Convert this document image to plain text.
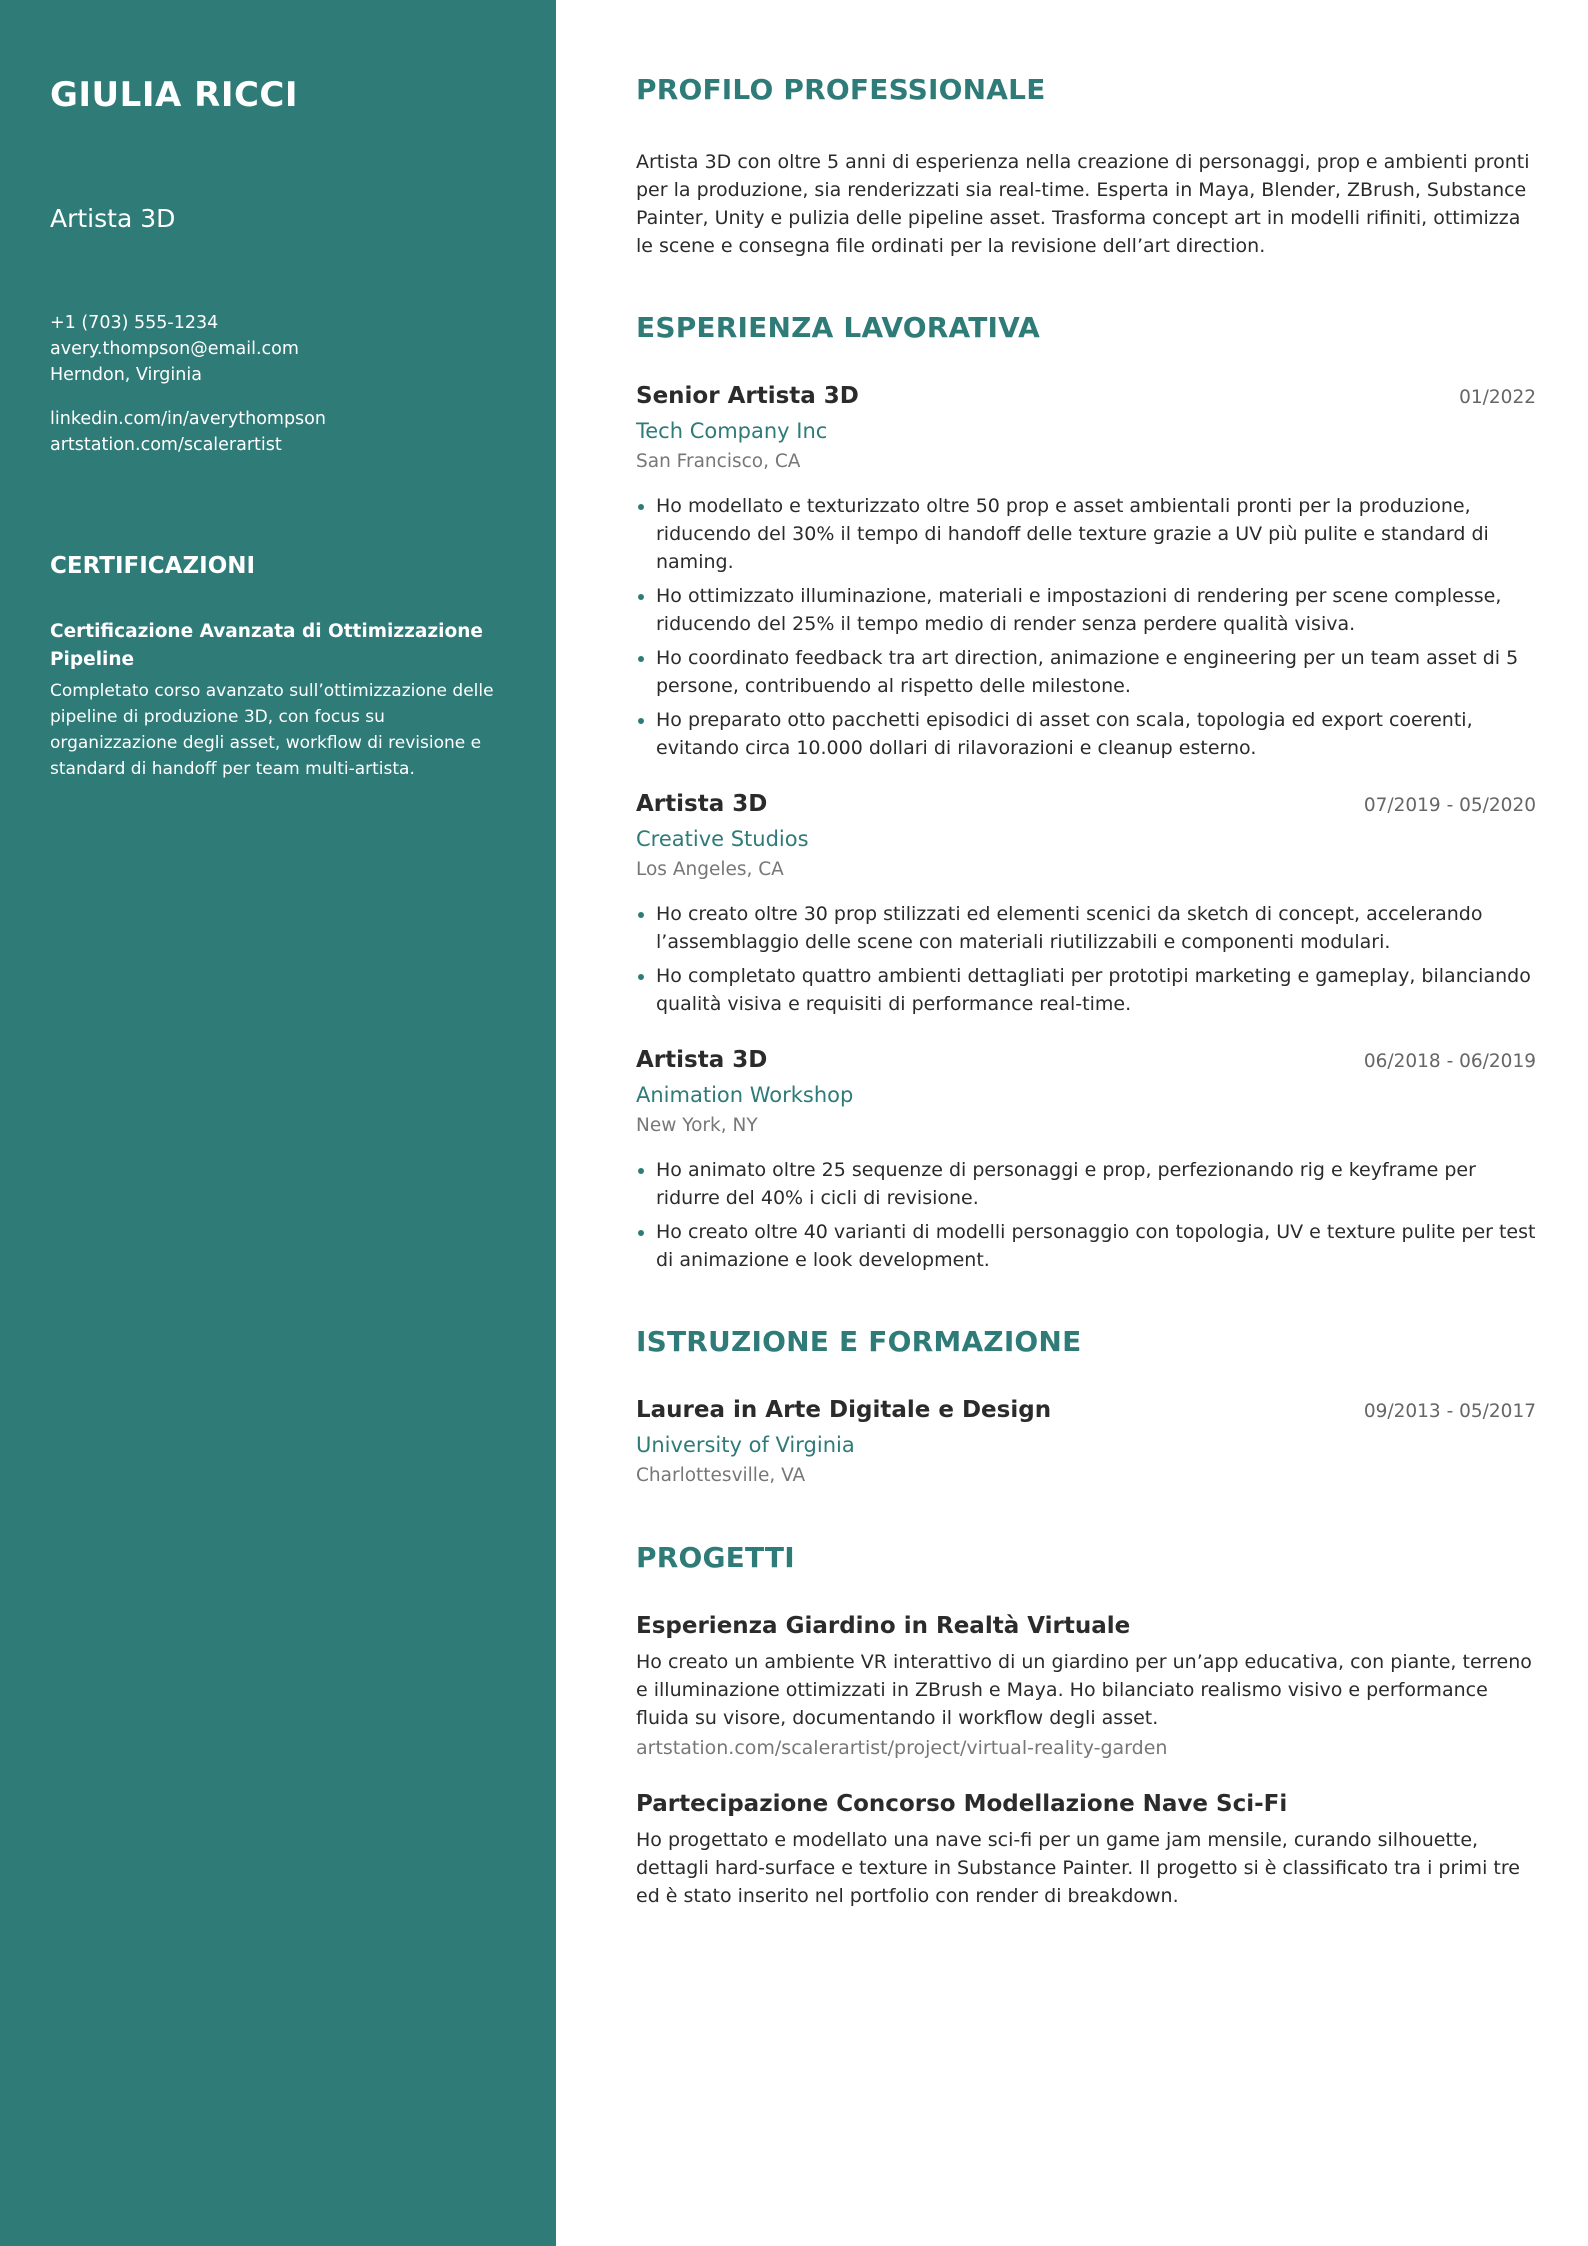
GIULIA RICCI
Artista 3D
+1 (703) 555-1234
avery.thompson@email.com
Herndon, Virginia
linkedin.com/in/averythompson
artstation.com/scalerartist
CERTIFICAZIONI
Certificazione Avanzata di Ottimizzazione Pipeline
Completato corso avanzato sull’ottimizzazione delle pipeline di produzione 3D, con focus su organizzazione degli asset, workflow di revisione e standard di handoff per team multi-artista.
PROFILO PROFESSIONALE

Artista 3D con oltre 5 anni di esperienza nella creazione di personaggi, prop e ambienti pronti per la produzione, sia renderizzati sia real-time. Esperta in Maya, Blender, ZBrush, Substance Painter, Unity e pulizia delle pipeline asset. Trasforma concept art in modelli rifiniti, ottimizza le scene e consegna file ordinati per la revisione dell’art direction.

ESPERIENZA LAVORATIVA
Senior Artista 3D	01/2022
Tech Company Inc
San Francisco, CA
Ho modellato e texturizzato oltre 50 prop e asset ambientali pronti per la produzione, riducendo del 30% il tempo di handoff delle texture grazie a UV più pulite e standard di naming.
Ho ottimizzato illuminazione, materiali e impostazioni di rendering per scene complesse, riducendo del 25% il tempo medio di render senza perdere qualità visiva.
Ho coordinato feedback tra art direction, animazione e engineering per un team asset di 5 persone, contribuendo al rispetto delle milestone.
Ho preparato otto pacchetti episodici di asset con scala, topologia ed export coerenti, evitando circa 10.000 dollari di rilavorazioni e cleanup esterno.
Artista 3D	07/2019 - 05/2020
Creative Studios
Los Angeles, CA
Ho creato oltre 30 prop stilizzati ed elementi scenici da sketch di concept, accelerando l’assemblaggio delle scene con materiali riutilizzabili e componenti modulari.
Ho completato quattro ambienti dettagliati per prototipi marketing e gameplay, bilanciando qualità visiva e requisiti di performance real-time.
Artista 3D	06/2018 - 06/2019
Animation Workshop
New York, NY
Ho animato oltre 25 sequenze di personaggi e prop, perfezionando rig e keyframe per ridurre del 40% i cicli di revisione.
Ho creato oltre 40 varianti di modelli personaggio con topologia, UV e texture pulite per test di animazione e look development.
ISTRUZIONE E FORMAZIONE
Laurea in Arte Digitale e Design	09/2013 - 05/2017
University of Virginia
Charlottesville, VA
PROGETTI
Esperienza Giardino in Realtà Virtuale
Ho creato un ambiente VR interattivo di un giardino per un’app educativa, con piante, terreno e illuminazione ottimizzati in ZBrush e Maya. Ho bilanciato realismo visivo e performance fluida su visore, documentando il workflow degli asset.
artstation.com/scalerartist/project/virtual-reality-garden
Partecipazione Concorso Modellazione Nave Sci-Fi
Ho progettato e modellato una nave sci-fi per un game jam mensile, curando silhouette, dettagli hard-surface e texture in Substance Painter. Il progetto si è classificato tra i primi tre ed è stato inserito nel portfolio con render di breakdown.
